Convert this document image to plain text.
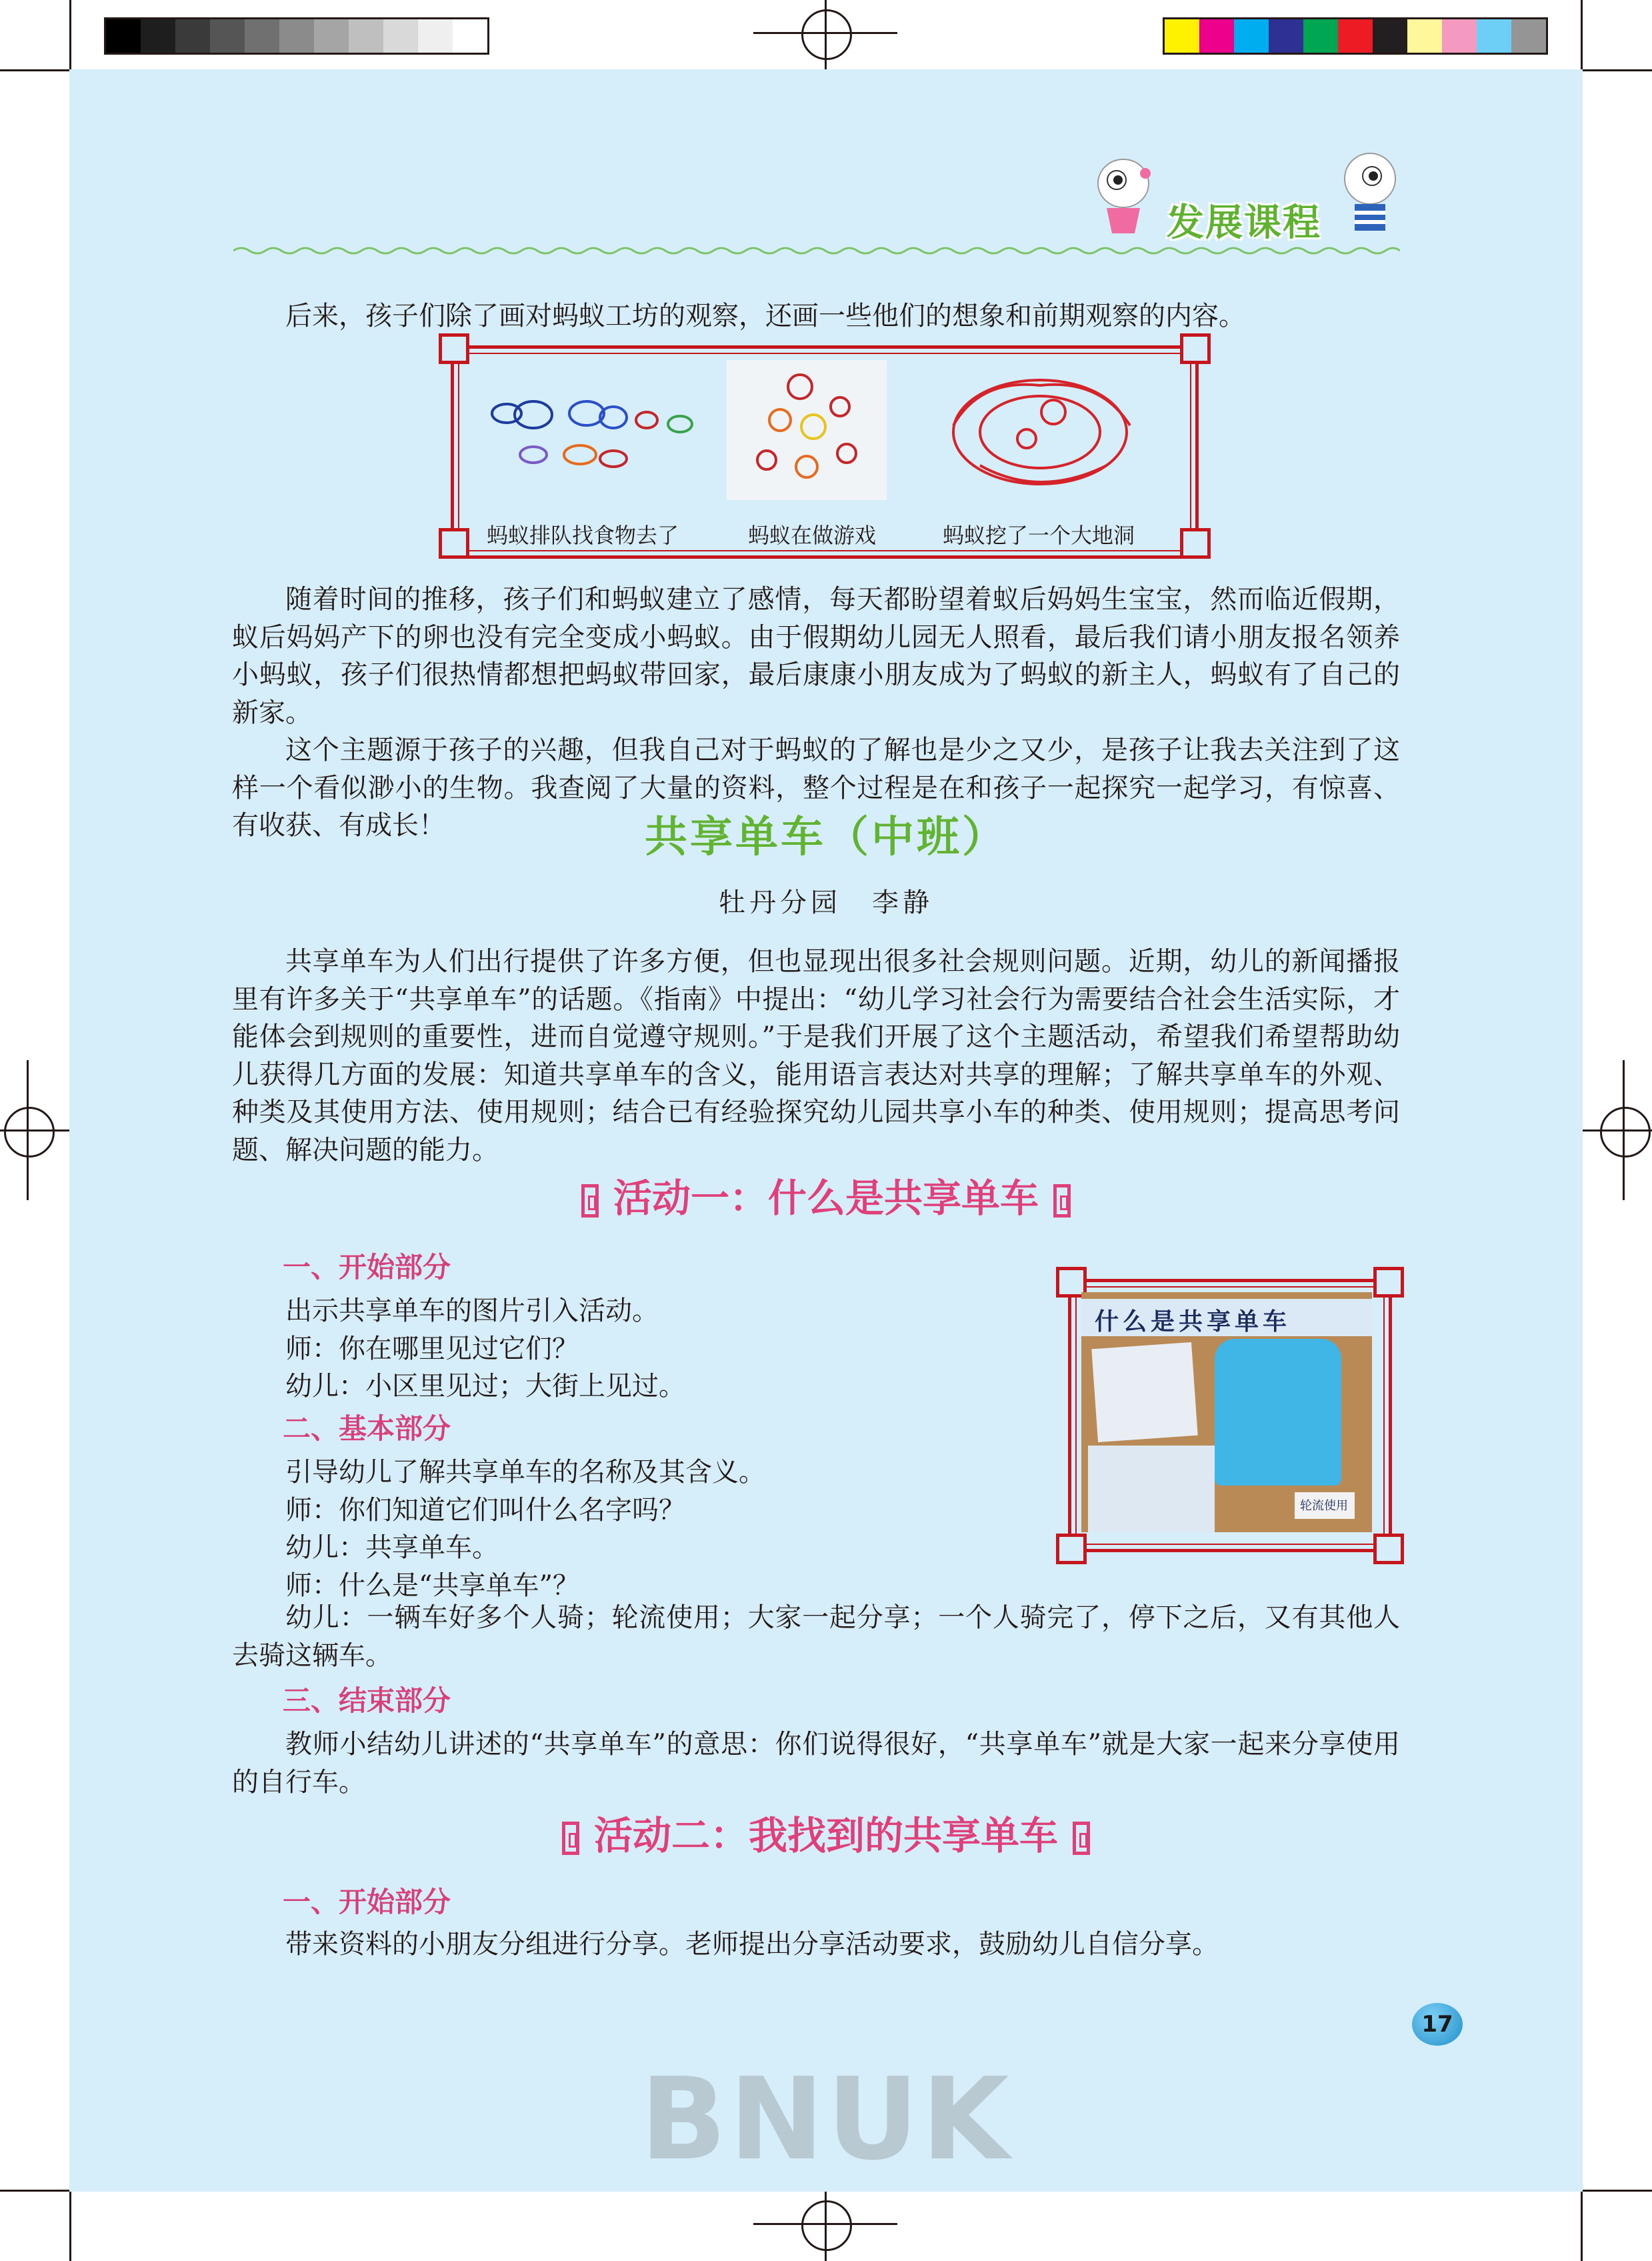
发展课程

后来，孩子们除了画对蚂蚁工坊的观察，还画一些他们的想象和前期观察的内容。

蚂蚁排队找食物去了	蚂蚁在做游戏	蚂蚁挖了一个大地洞

随着时间的推移，孩子们和蚂蚁建立了感情，每天都盼望着蚁后妈妈生宝宝，然而临近假期，蚁后妈妈产下的卵也没有完全变成小蚂蚁。由于假期幼儿园无人照看，最后我们请小朋友报名领养小蚂蚁，孩子们很热情都想把蚂蚁带回家，最后康康小朋友成为了蚂蚁的新主人，蚂蚁有了自己的新家。

这个主题源于孩子的兴趣，但我自己对于蚂蚁的了解也是少之又少，是孩子让我去关注到了这样一个看似渺小的生物。我查阅了大量的资料，整个过程是在和孩子一起探究一起学习，有惊喜、有收获、有成长！	共享单车（中班）
牡丹分园　李静

共享单车为人们出行提供了许多方便，但也显现出很多社会规则问题。近期，幼儿的新闻播报里有许多关于“共享单车”的话题。《指南》中提出：“幼儿学习社会行为需要结合社会生活实际，才能体会到规则的重要性，进而自觉遵守规则。”于是我们开展了这个主题活动，希望我们希望帮助幼儿获得几方面的发展：知道共享单车的含义，能用语言表达对共享的理解；了解共享单车的外观、种类及其使用方法、使用规则；结合已有经验探究幼儿园共享小车的种类、使用规则；提高思考问题、解决问题的能力。

活动一：什么是共享单车
一、开始部分
出示共享单车的图片引入活动。
师：你在哪里见过它们？
幼儿：小区里见过；大街上见过。
二、基本部分
引导幼儿了解共享单车的名称及其含义。
师：你们知道它们叫什么名字吗？
幼儿：共享单车。
师：什么是“共享单车”？

幼儿：一辆车好多个人骑；轮流使用；大家一起分享；一个人骑完了，停下之后，又有其他人去骑这辆车。

三、结束部分

教师小结幼儿讲述的“共享单车”的意思：你们说得很好，“共享单车”就是大家一起来分享使用的自行车。

什么是共享单车
轮流使用
活动二：我找到的共享单车
一、开始部分
带来资料的小朋友分组进行分享。老师提出分享活动要求，鼓励幼儿自信分享。
17
BNUK
